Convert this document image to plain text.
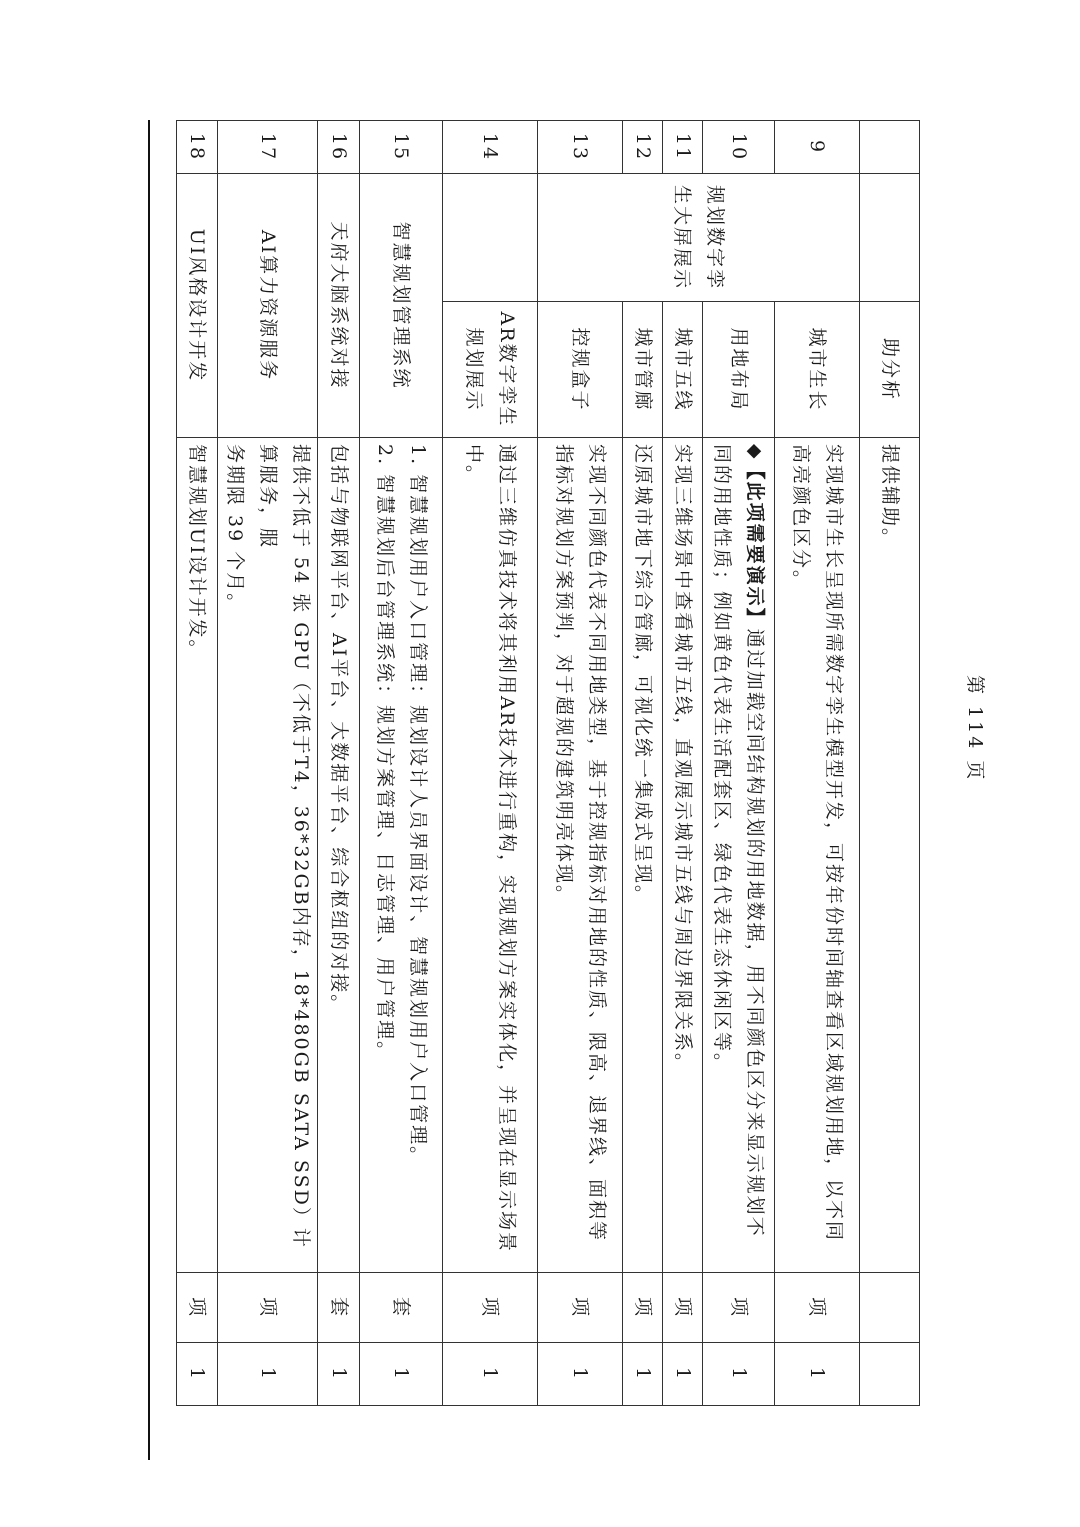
		助分析	提供辅助。		

9	规划数字孪生大屏展示	城市生长	实现城市生长呈现所需数字孪生模型开发，可按年份时间轴查看区域规划用地，以不同
高亮颜色区分。	项	1
10		用地布局	◆【此项需要演示】通过加载空间结构规划的用地数据，用不同颜色区分来显示规划不
同的用地性质；例如黄色代表生活配套区、绿色代表生态休闲区等。	项	1
11		城市五线	实现三维场景中查看城市五线，直观展示城市五线与周边界限关系。	项	1
12		城市管廊	还原城市地下综合管廊，可视化统一集成式呈现。	项	1
13		控规盒子	实现不同颜色代表不同用地类型，基于控规指标对用地的性质、限高、退界线、面积等
指标对规划方案预判，对于超规的建筑明亮体现。	项	1
14		AR数字孪生规划展示	通过三维仿真技术将其利用AR技术进行重构，实现规划方案实体化，并呈现在显示场景
中。	项	1
15	智慧规划管理系统		1. 智慧规划用户入口管理：规划设计人员界面设计、智慧规划用户入口管理。
2. 智慧规划后台管理系统：规划方案管理、日志管理、用户管理。	套	1
16	天府大脑系统对接		包括与物联网平台、AI平台、大数据平台、综合枢纽的对接。	套	1
17	AI算力资源服务		提供不低于 54 张 GPU（不低于T4，36*32GB内存，18*480GB SATA SSD）计算服务，服
务期限 39 个月。	项	1
18	UI风格设计开发		智慧规划UI设计开发。	项	1
第 114 页
